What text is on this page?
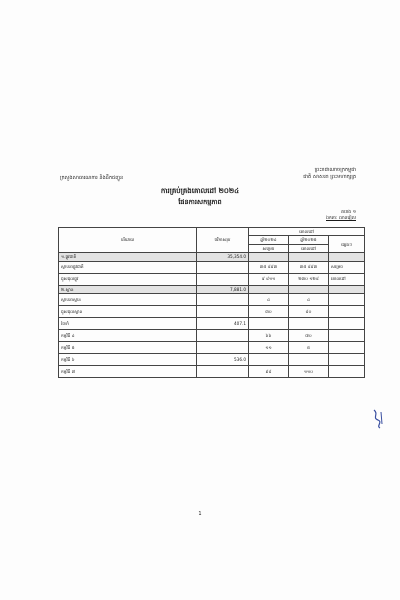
ព្រះរាជាណាចក្រកម្ពុជា
ជាតិ សាសនា ព្រះមហាក្សត្រ
ក្រសួងសាធារណការ និងដឹកជញ្ជូន
ការគ្រប់គ្រងគោលដៅ ២០២៤
ផែនការសកម្មភាព
តារាង ១
ឯកតា: លានរៀល
បរិយាយ	ថវិកាសរុប	គោលដៅ		
		ឆ្នាំ២០២៤	ឆ្នាំ២០២៥	ផ្សេងៗ
		សម្រេច	គោលដៅ	
១.ផ្លូវជាតិ	35,354.0			
ស្ថាបនាផ្លូវជាតិ		៣៥ ៨៩៣	៣៥ ៨៩៣	សម្រេច
ជួសជុលផ្លូវ		៩ ៨១១	២៣០ ១២៨	គោលដៅ
២.ស្ពាន	7,881.0			
ស្ថាបនាស្ពាន		៤	៤	
ជួសជុលស្ពាន		៣០	៨០	
ថែទាំ	407.1			
កម្មវិធី ៤		៦៦	៧០	
កម្មវិធី ៥		១១	៥	
កម្មវិធី ៦	536.0			
កម្មវិធី ៧		៩៨	១១០	
1
